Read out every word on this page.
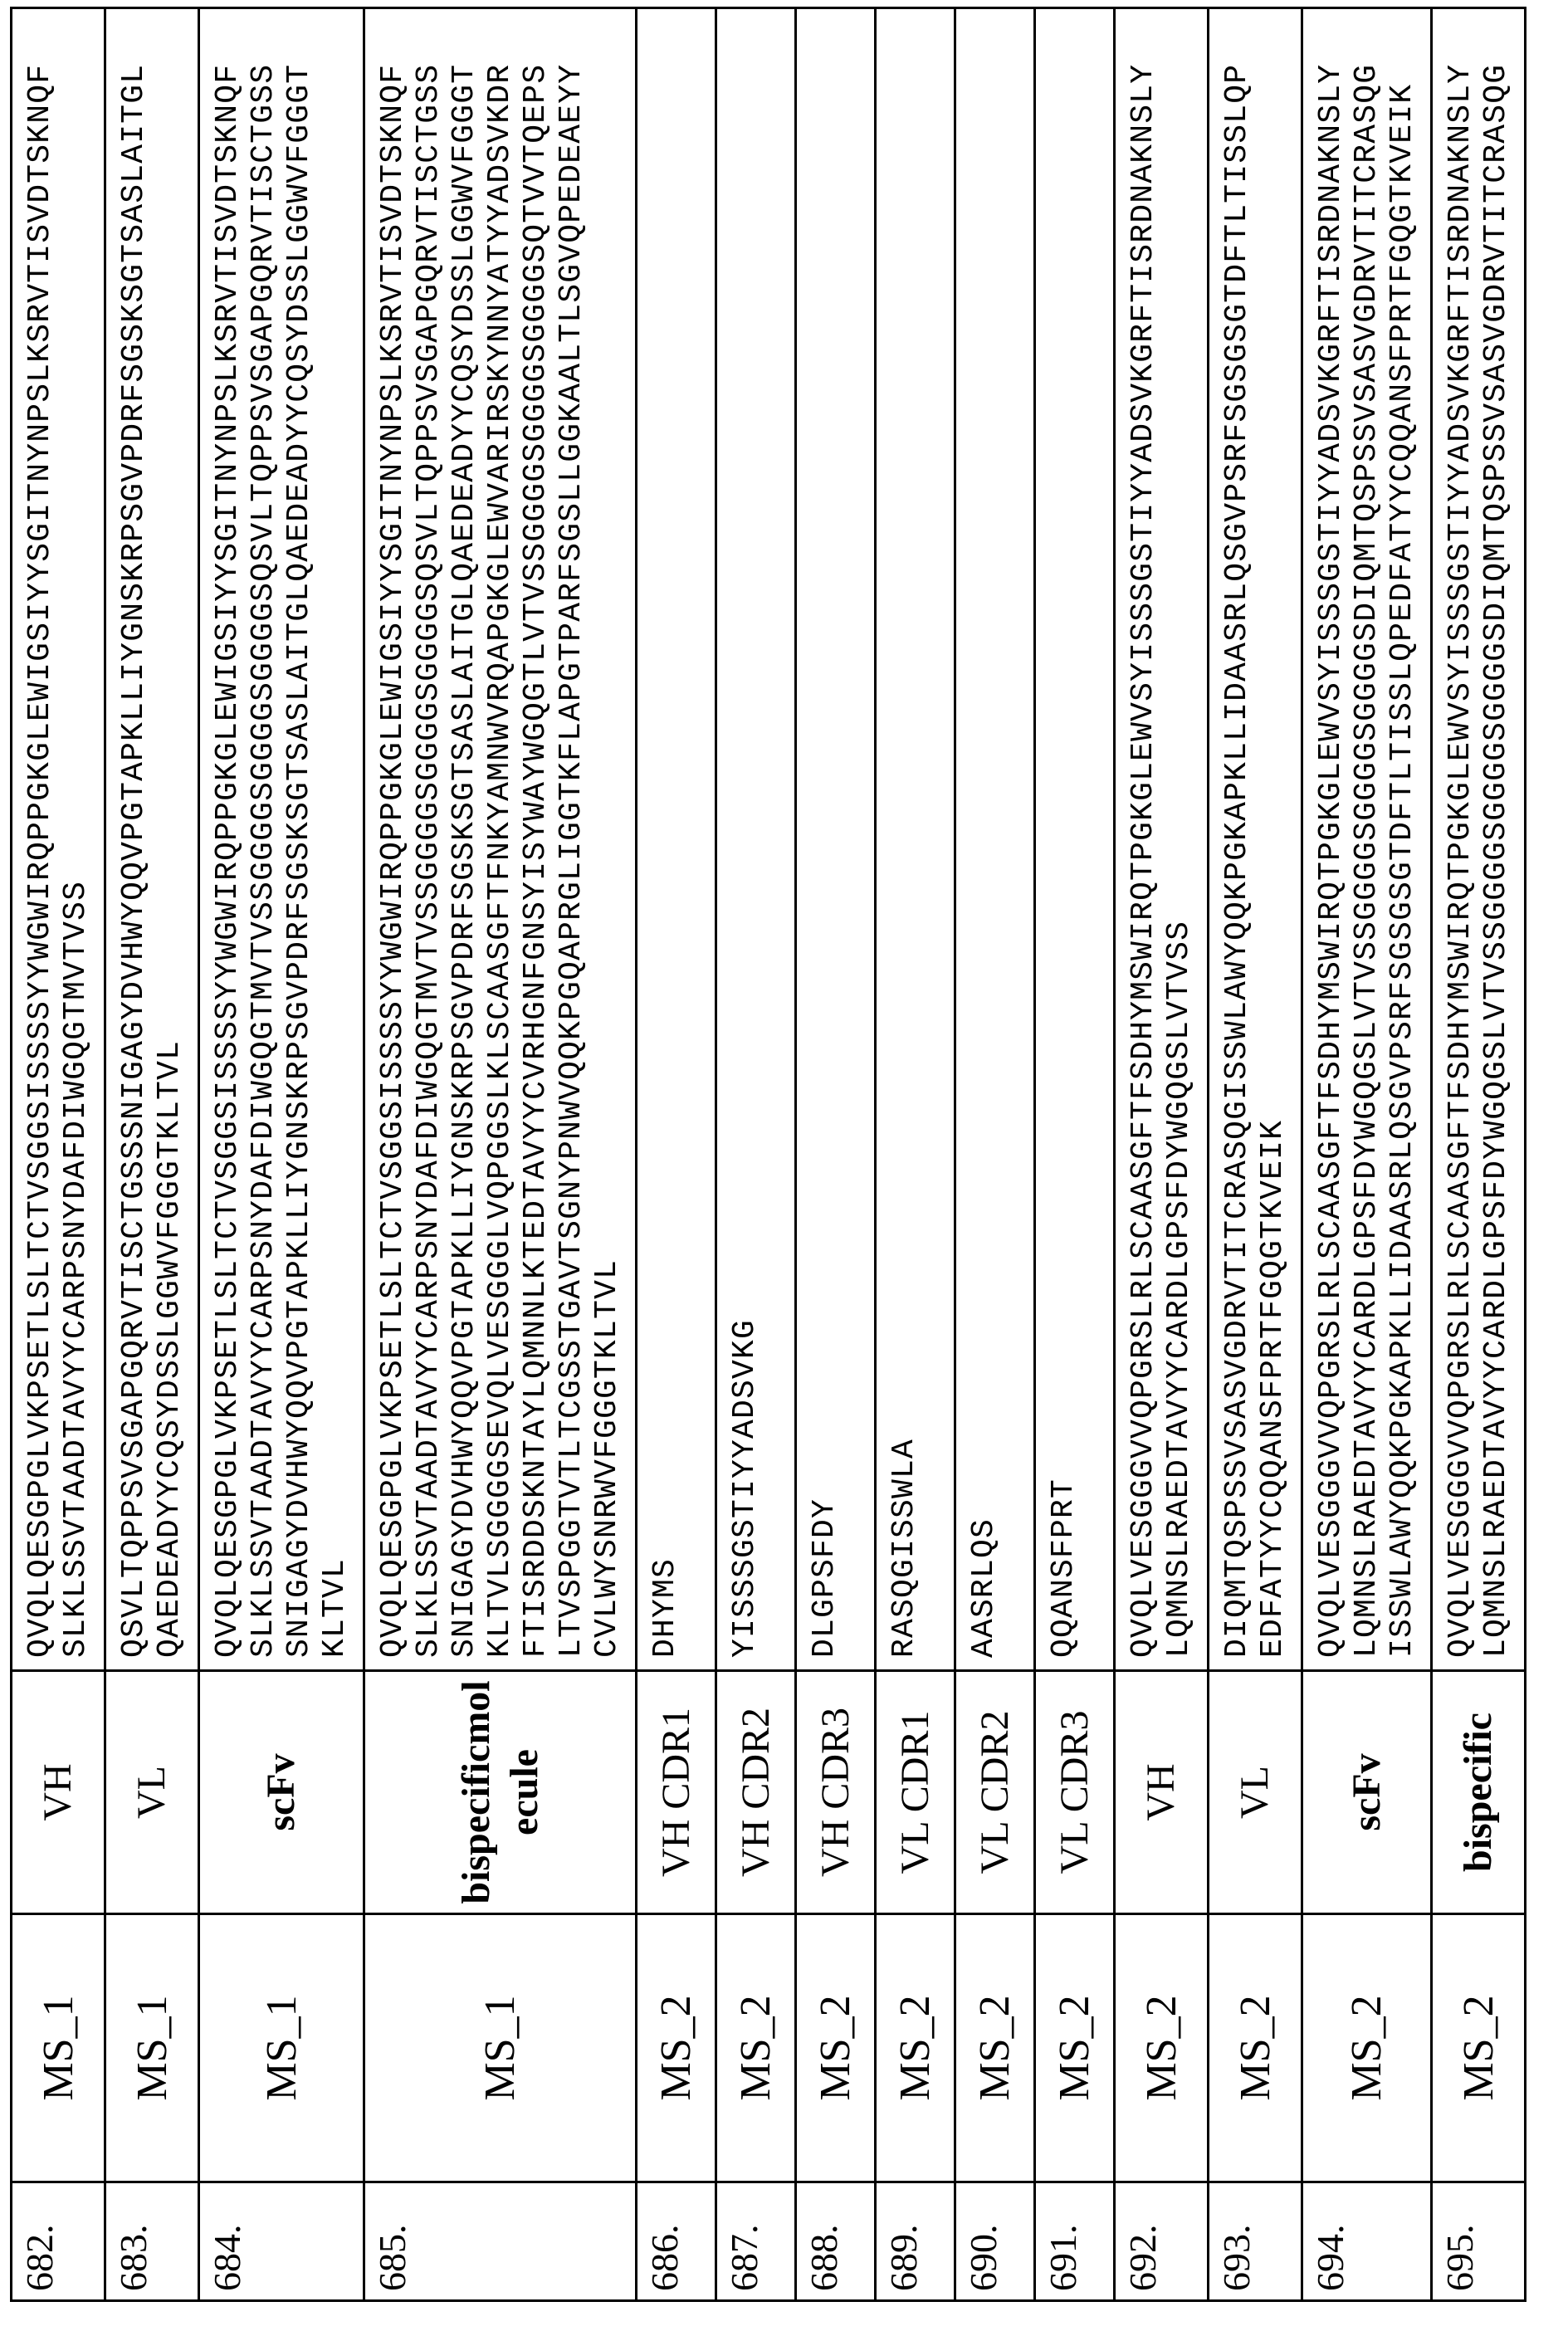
682.	MS_1	VH	
QVQLQESGPGLVKPSETLSLTCTVSGGSISSSSYYWGWIRQPPGKGLEWIGSIYYSGITNYNPSLKSRVTISVDTSKNQF SLKLSSVTAADTAVYYCARPSNYDAFDIWGQGTMVTVSS

683.	MS_1	VL	
QSVLTQPPSVSGAPGQRVTISCTGSSSNIGAGYDVHWYQQVPGTAPKLLIYGNSKRPSGVPDRFSGSKSGTSASLAITGL QAEDEADYYCQSYDSSLGGWVFGGGTKLTVL

684.	MS_1	scFv	
QVQLQESGPGLVKPSETLSLTCTVSGGSISSSSYYWGWIRQPPGKGLEWIGSIYYSGITNYNPSLKSRVTISVDTSKNQF SLKLSSVTAADTAVYYCARPSNYDAFDIWGQGTMVTVSSGGGGSGGGGSGGGGSQSVLTQPPSVSGAPGQRVTISCTGSS SNIGAGYDVHWYQQVPGTAPKLLIYGNSKRPSGVPDRFSGSKSGTSASLAITGLQAEDEADYYCQSYDSSLGGWVFGGGT KLTVL

685.	MS_1	bispecificmolecule	
QVQLQESGPGLVKPSETLSLTCTVSGGSISSSSYYWGWIRQPPGKGLEWIGSIYYSGITNYNPSLKSRVTISVDTSKNQF SLKLSSVTAADTAVYYCARPSNYDAFDIWGQGTMVTVSSGGGGSGGGGSGGGGSQSVLTQPPSVSGAPGQRVTISCTGSS SNIGAGYDVHWYQQVPGTAPKLLIYGNSKRPSGVPDRFSGSKSGTSASLAITGLQAEDEADYYCQSYDSSLGGWVFGGGT KLTVLSGGGGSEVQLVESGGGLVQPGGSLKLSCAASGFTFNKYAMNWVRQAPGKGLEWVARIRSKYNNYATYYADSVKDR FTISRDDSKNTAYLQMNNLKTEDTAVYYCVRHGNFGNSYISYWAYWGQGTLVTVSSGGGGSGGGGSGGGGSQTVVTQEPS LTVSPGGTVTLTCGSSTGAVTSGNYPNWVQQKPGQAPRGLIGGTKFLAPGTPARFSGSLLGGKAALTLSGVQPEDEAEYY CVLWYSNRWVFGGGTKLTVL

686.	MS_2	VH CDR1	
DHYMS

687.	MS_2	VH CDR2	
YISSSGSTIYYADSVKG

688.	MS_2	VH CDR3	
DLGPSFDY

689.	MS_2	VL CDR1	
RASQGISSWLA

690.	MS_2	VL CDR2	
AASRLQS

691.	MS_2	VL CDR3	
QQANSFPRT

692.	MS_2	VH	
QVQLVESGGGVVQPGRSLRLSCAASGFTFSDHYMSWIRQTPGKGLEWVSYISSSGSTIYYADSVKGRFTISRDNAKNSLY LQMNSLRAEDTAVYYCARDLGPSFDYWGQGSLVTVSS

693.	MS_2	VL	
DIQMTQSPSSVSASVGDRVTITCRASQGISSWLAWYQQKPGKAPKLLIDAASRLQSGVPSRFSGSGSGTDFTLTISSLQP EDFATYYCQQANSFPRTFGQGTKVEIK

694.	MS_2	scFv	
QVQLVESGGGVVQPGRSLRLSCAASGFTFSDHYMSWIRQTPGKGLEWVSYISSSGSTIYYADSVKGRFTISRDNAKNSLY LQMNSLRAEDTAVYYCARDLGPSFDYWGQGSLVTVSSGGGGSGGGGSGGGGSDIQMTQSPSSVSASVGDRVTITCRASQG ISSWLAWYQQKPGKAPKLLIDAASRLQSGVPSRFSGSGSGTDFTLTISSLQPEDFATYYCQQANSFPRTFGQGTKVEIK

695.	MS_2	bispecific	
QVQLVESGGGVVQPGRSLRLSCAASGFTFSDHYMSWIRQTPGKGLEWVSYISSSGSTIYYADSVKGRFTISRDNAKNSLY LQMNSLRAEDTAVYYCARDLGPSFDYWGQGSLVTVSSGGGGSGGGGSGGGGSDIQMTQSPSSVSASVGDRVTITCRASQG
